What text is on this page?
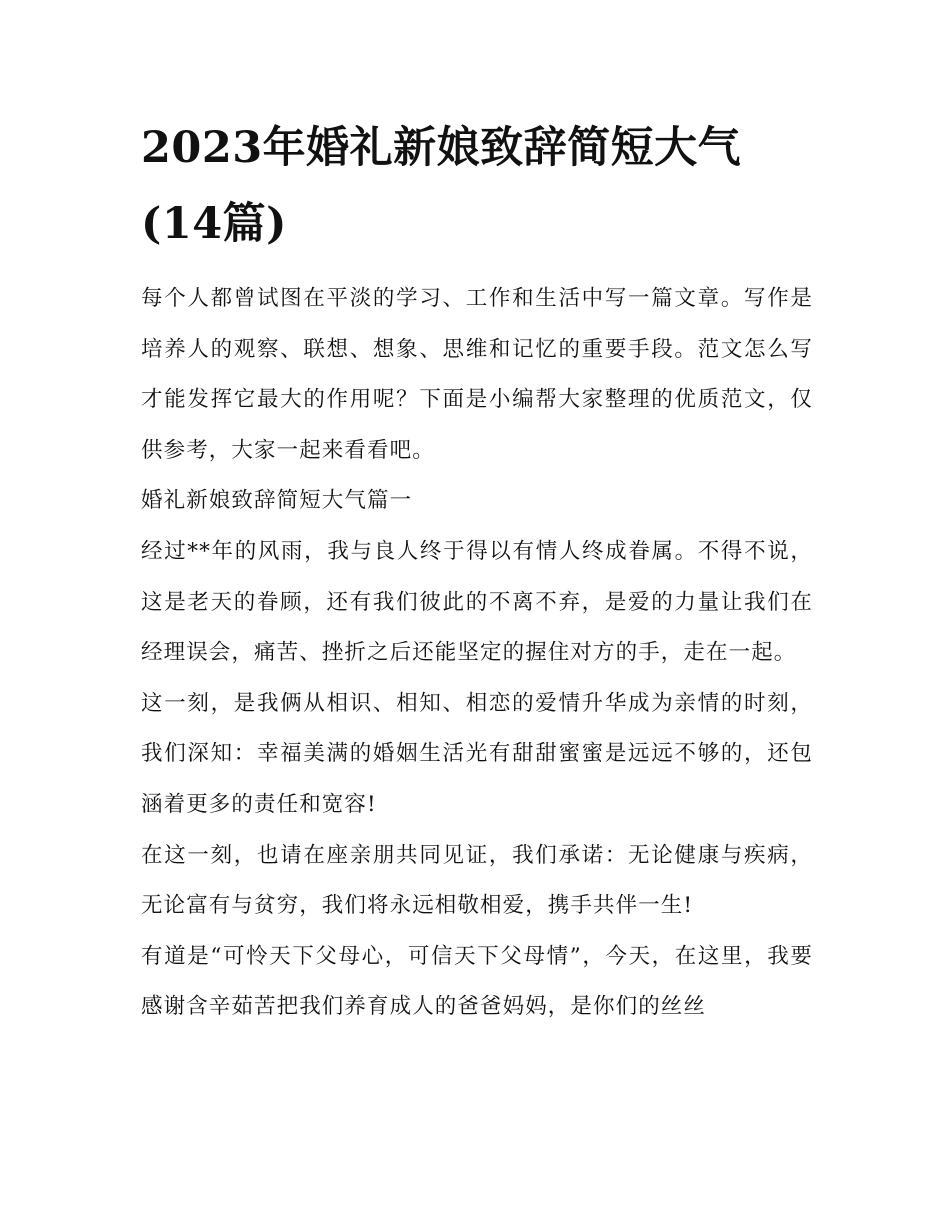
2023年婚礼新娘致辞简短大气
(14篇)

每个人都曾试图在平淡的学习、工作和生活中写一篇文章。写作是培养人的观察、联想、想象、思维和记忆的重要手段。范文怎么写才能发挥它最大的作用呢？下面是小编帮大家整理的优质范文，仅供参考，大家一起来看看吧。

婚礼新娘致辞简短大气篇一

经过**年的风雨，我与良人终于得以有情人终成眷属。不得不说，这是老天的眷顾，还有我们彼此的不离不弃，是爱的力量让我们在经理误会，痛苦、挫折之后还能坚定的握住对方的手，走在一起。

这一刻，是我俩从相识、相知、相恋的爱情升华成为亲情的时刻，我们深知：幸福美满的婚姻生活光有甜甜蜜蜜是远远不够的，还包涵着更多的责任和宽容!

在这一刻，也请在座亲朋共同见证，我们承诺：无论健康与疾病，无论富有与贫穷，我们将永远相敬相爱，携手共伴一生!

有道是“可怜天下父母心，可信天下父母情”，今天，在这里，我要感谢含辛茹苦把我们养育成人的爸爸妈妈，是你们的丝丝
